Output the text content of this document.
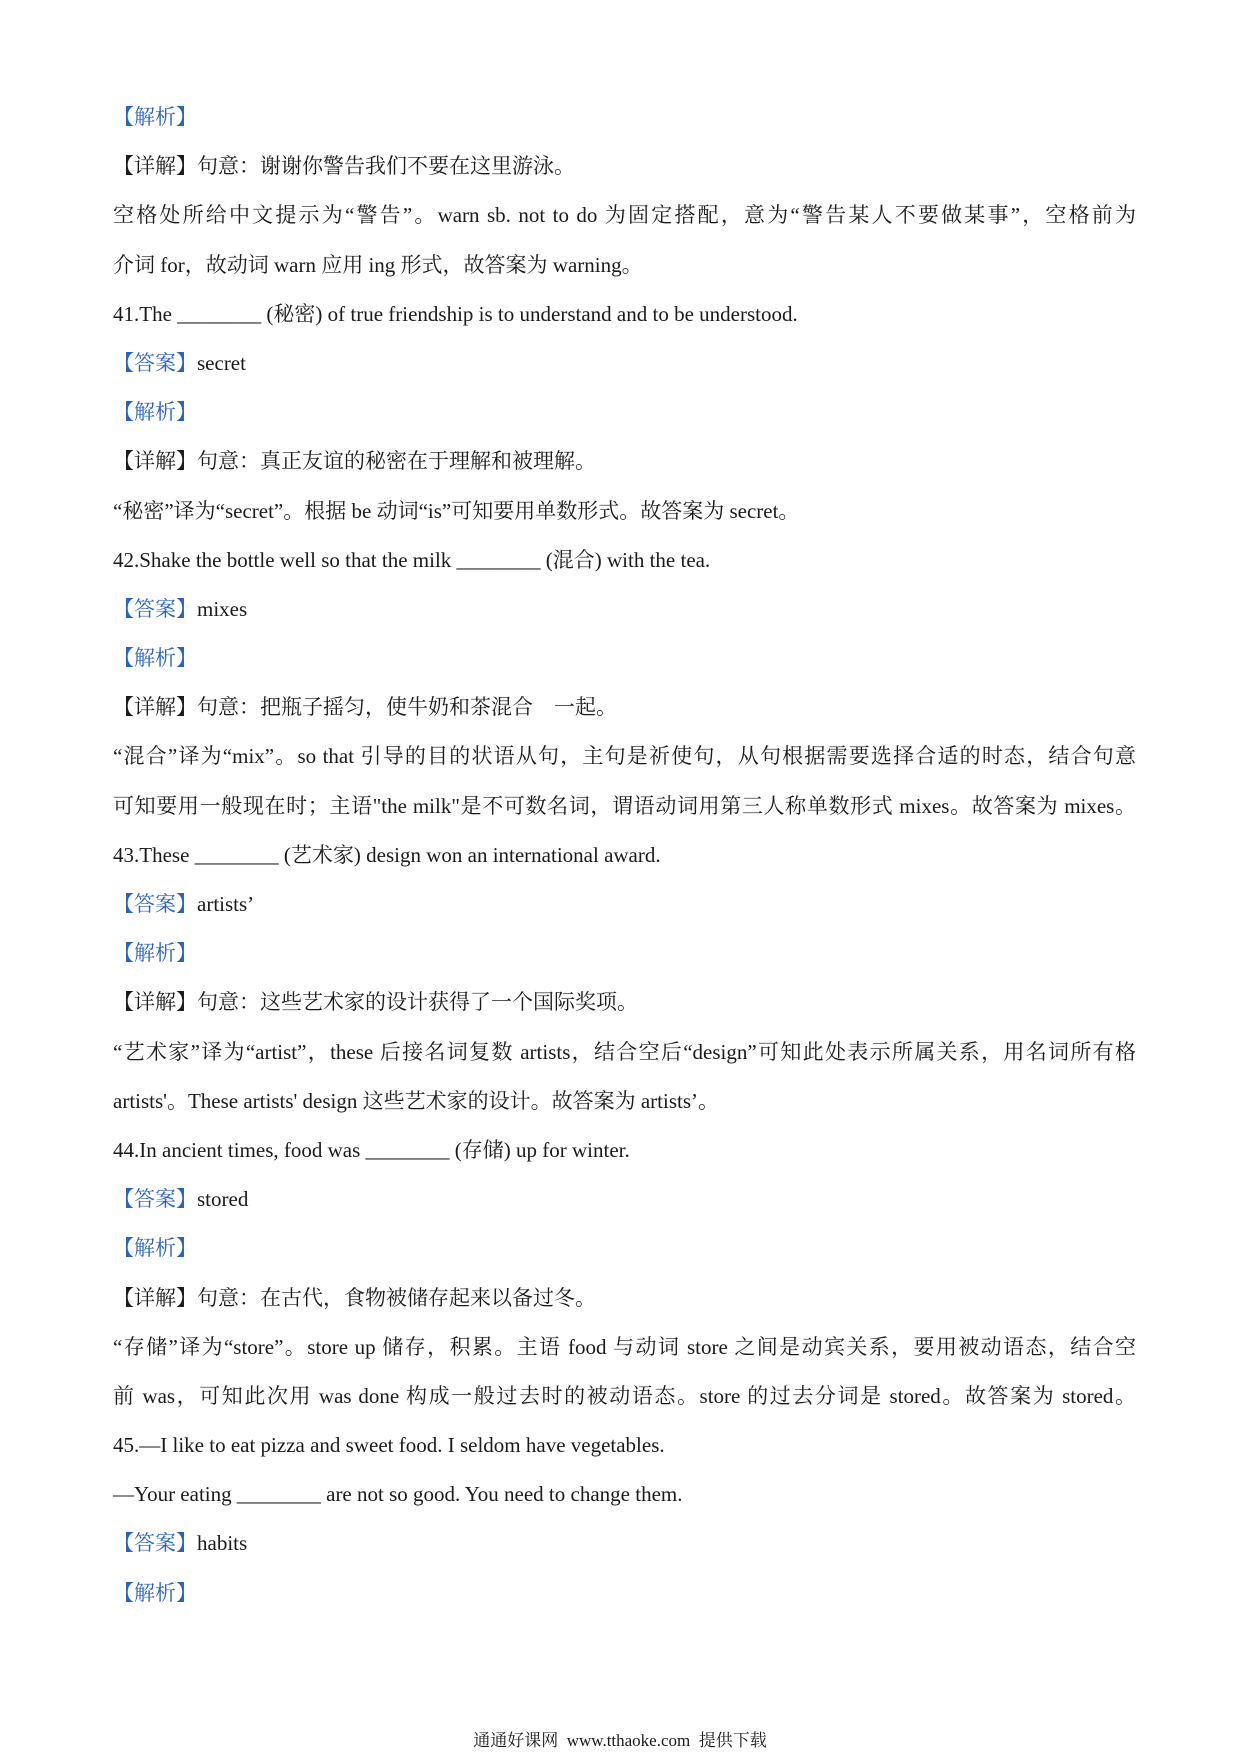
【解析】
【详解】句意：谢谢你警告我们不要在这里游泳。
空格处所给中文提示为“警告”。warn sb. not to do 为固定搭配，意为“警告某人不要做某事”，空格前为
介词 for，故动词 warn 应用 ing 形式，故答案为 warning。
41.The ________ (秘密) of true friendship is to understand and to be understood.
【答案】secret
【解析】
【详解】句意：真正友谊的秘密在于理解和被理解。
“秘密”译为“secret”。根据 be 动词“is”可知要用单数形式。故答案为 secret。
42.Shake the bottle well so that the milk ________ (混合) with the tea.
【答案】mixes
【解析】
【详解】句意：把瓶子摇匀，使牛奶和茶混合　一起。
“混合”译为“mix”。so that 引导的目的状语从句，主句是祈使句，从句根据需要选择合适的时态，结合句意
可知要用一般现在时；主语"the milk"是不可数名词，谓语动词用第三人称单数形式 mixes。故答案为 mixes。
43.These ________ (艺术家) design won an international award.
【答案】artists’
【解析】
【详解】句意：这些艺术家的设计获得了一个国际奖项。
“艺术家”译为“artist”，these 后接名词复数 artists，结合空后“design”可知此处表示所属关系，用名词所有格
artists'。These artists' design 这些艺术家的设计。故答案为 artists’。
44.In ancient times, food was ________ (存储) up for winter.
【答案】stored
【解析】
【详解】句意：在古代，食物被储存起来以备过冬。
“存储”译为“store”。store up 储存，积累。主语 food 与动词 store 之间是动宾关系，要用被动语态，结合空
前 was，可知此次用 was done 构成一般过去时的被动语态。store 的过去分词是 stored。故答案为 stored。
45.—I like to eat pizza and sweet food. I seldom have vegetables.
—Your eating ________ are not so good. You need to change them.
【答案】habits
【解析】
通通好课网  www.tthaoke.com  提供下载
